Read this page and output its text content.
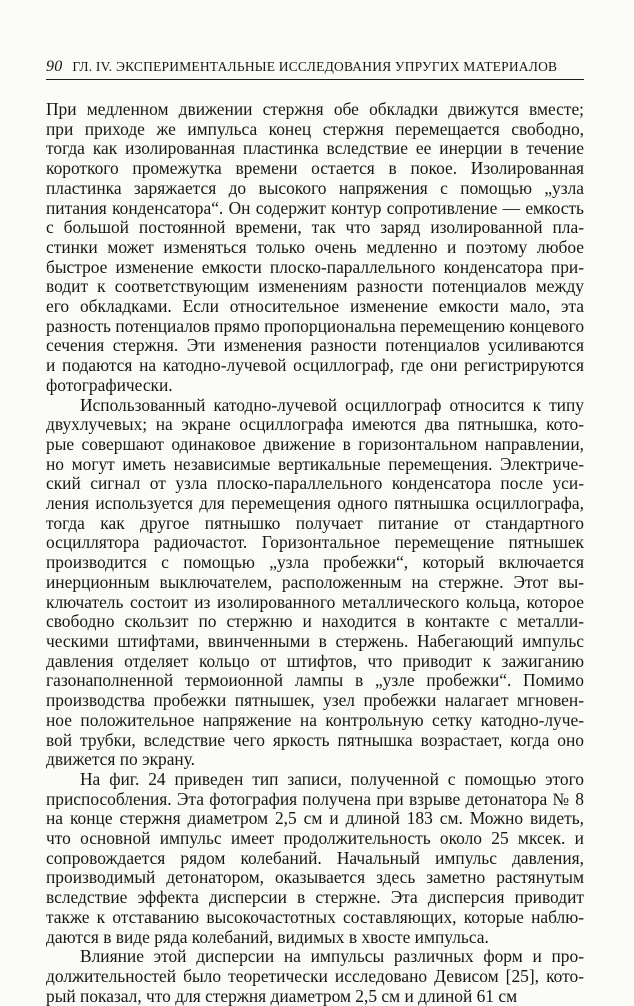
90 ГЛ. IV. ЭКСПЕРИМЕНТАЛЬНЫЕ ИССЛЕДОВАНИЯ УПРУГИХ МАТЕРИАЛОВ

При медленном движении стержня обе обкладки движутся вместе;
при приходе же импульса конец стержня перемещается свободно,
тогда как изолированная пластинка вследствие ее инерции в течение
короткого промежутка времени остается в покое. Изолированная
пластинка заряжается до высокого напряжения с помощью „узла
питания конденсатора“. Он содержит контур сопротивление — емкость
с большой постоянной времени, так что заряд изолированной пла-
стинки может изменяться только очень медленно и поэтому любое
быстрое изменение емкости плоско-параллельного конденсатора при-
водит к соответствующим изменениям разности потенциалов между
его обкладками. Если относительное изменение емкости мало, эта
разность потенциалов прямо пропорциональна перемещению концевого
сечения стержня. Эти изменения разности потенциалов усиливаются
и подаются на катодно-лучевой осциллограф, где они регистрируются
фотографически.

Использованный катодно-лучевой осциллограф относится к типу
двухлучевых; на экране осциллографа имеются два пятнышка, кото-
рые совершают одинаковое движение в горизонтальном направлении,
но могут иметь независимые вертикальные перемещения. Электриче-
ский сигнал от узла плоско-параллельного конденсатора после уси-
ления используется для перемещения одного пятнышка осциллографа,
тогда как другое пятнышко получает питание от стандартного
осциллятора радиочастот. Горизонтальное перемещение пятнышек
производится с помощью „узла пробежки“, который включается
инерционным выключателем, расположенным на стержне. Этот вы-
ключатель состоит из изолированного металлического кольца, которое
свободно скользит по стержню и находится в контакте с металли-
ческими штифтами, ввинченными в стержень. Набегающий импульс
давления отделяет кольцо от штифтов, что приводит к зажиганию
газонаполненной термоионной лампы в „узле пробежки“. Помимо
производства пробежки пятнышек, узел пробежки налагает мгновен-
ное положительное напряжение на контрольную сетку катодно-луче-
вой трубки, вследствие чего яркость пятнышка возрастает, когда оно
движется по экрану.

На фиг. 24 приведен тип записи, полученной с помощью этого
приспособления. Эта фотография получена при взрыве детонатора № 8
на конце стержня диаметром 2,5 см и длиной 183 см. Можно видеть,
что основной импульс имеет продолжительность около 25 мксек. и
сопровождается рядом колебаний. Начальный импульс давления,
производимый детонатором, оказывается здесь заметно растянутым
вследствие эффекта дисперсии в стержне. Эта дисперсия приводит
также к отставанию высокочастотных составляющих, которые наблю-
даются в виде ряда колебаний, видимых в хвосте импульса.

Влияние этой дисперсии на импульсы различных форм и про-
должительностей было теоретически исследовано Девисом [25], кото-
рый показал, что для стержня диаметром 2,5 см и длиной 61 см
